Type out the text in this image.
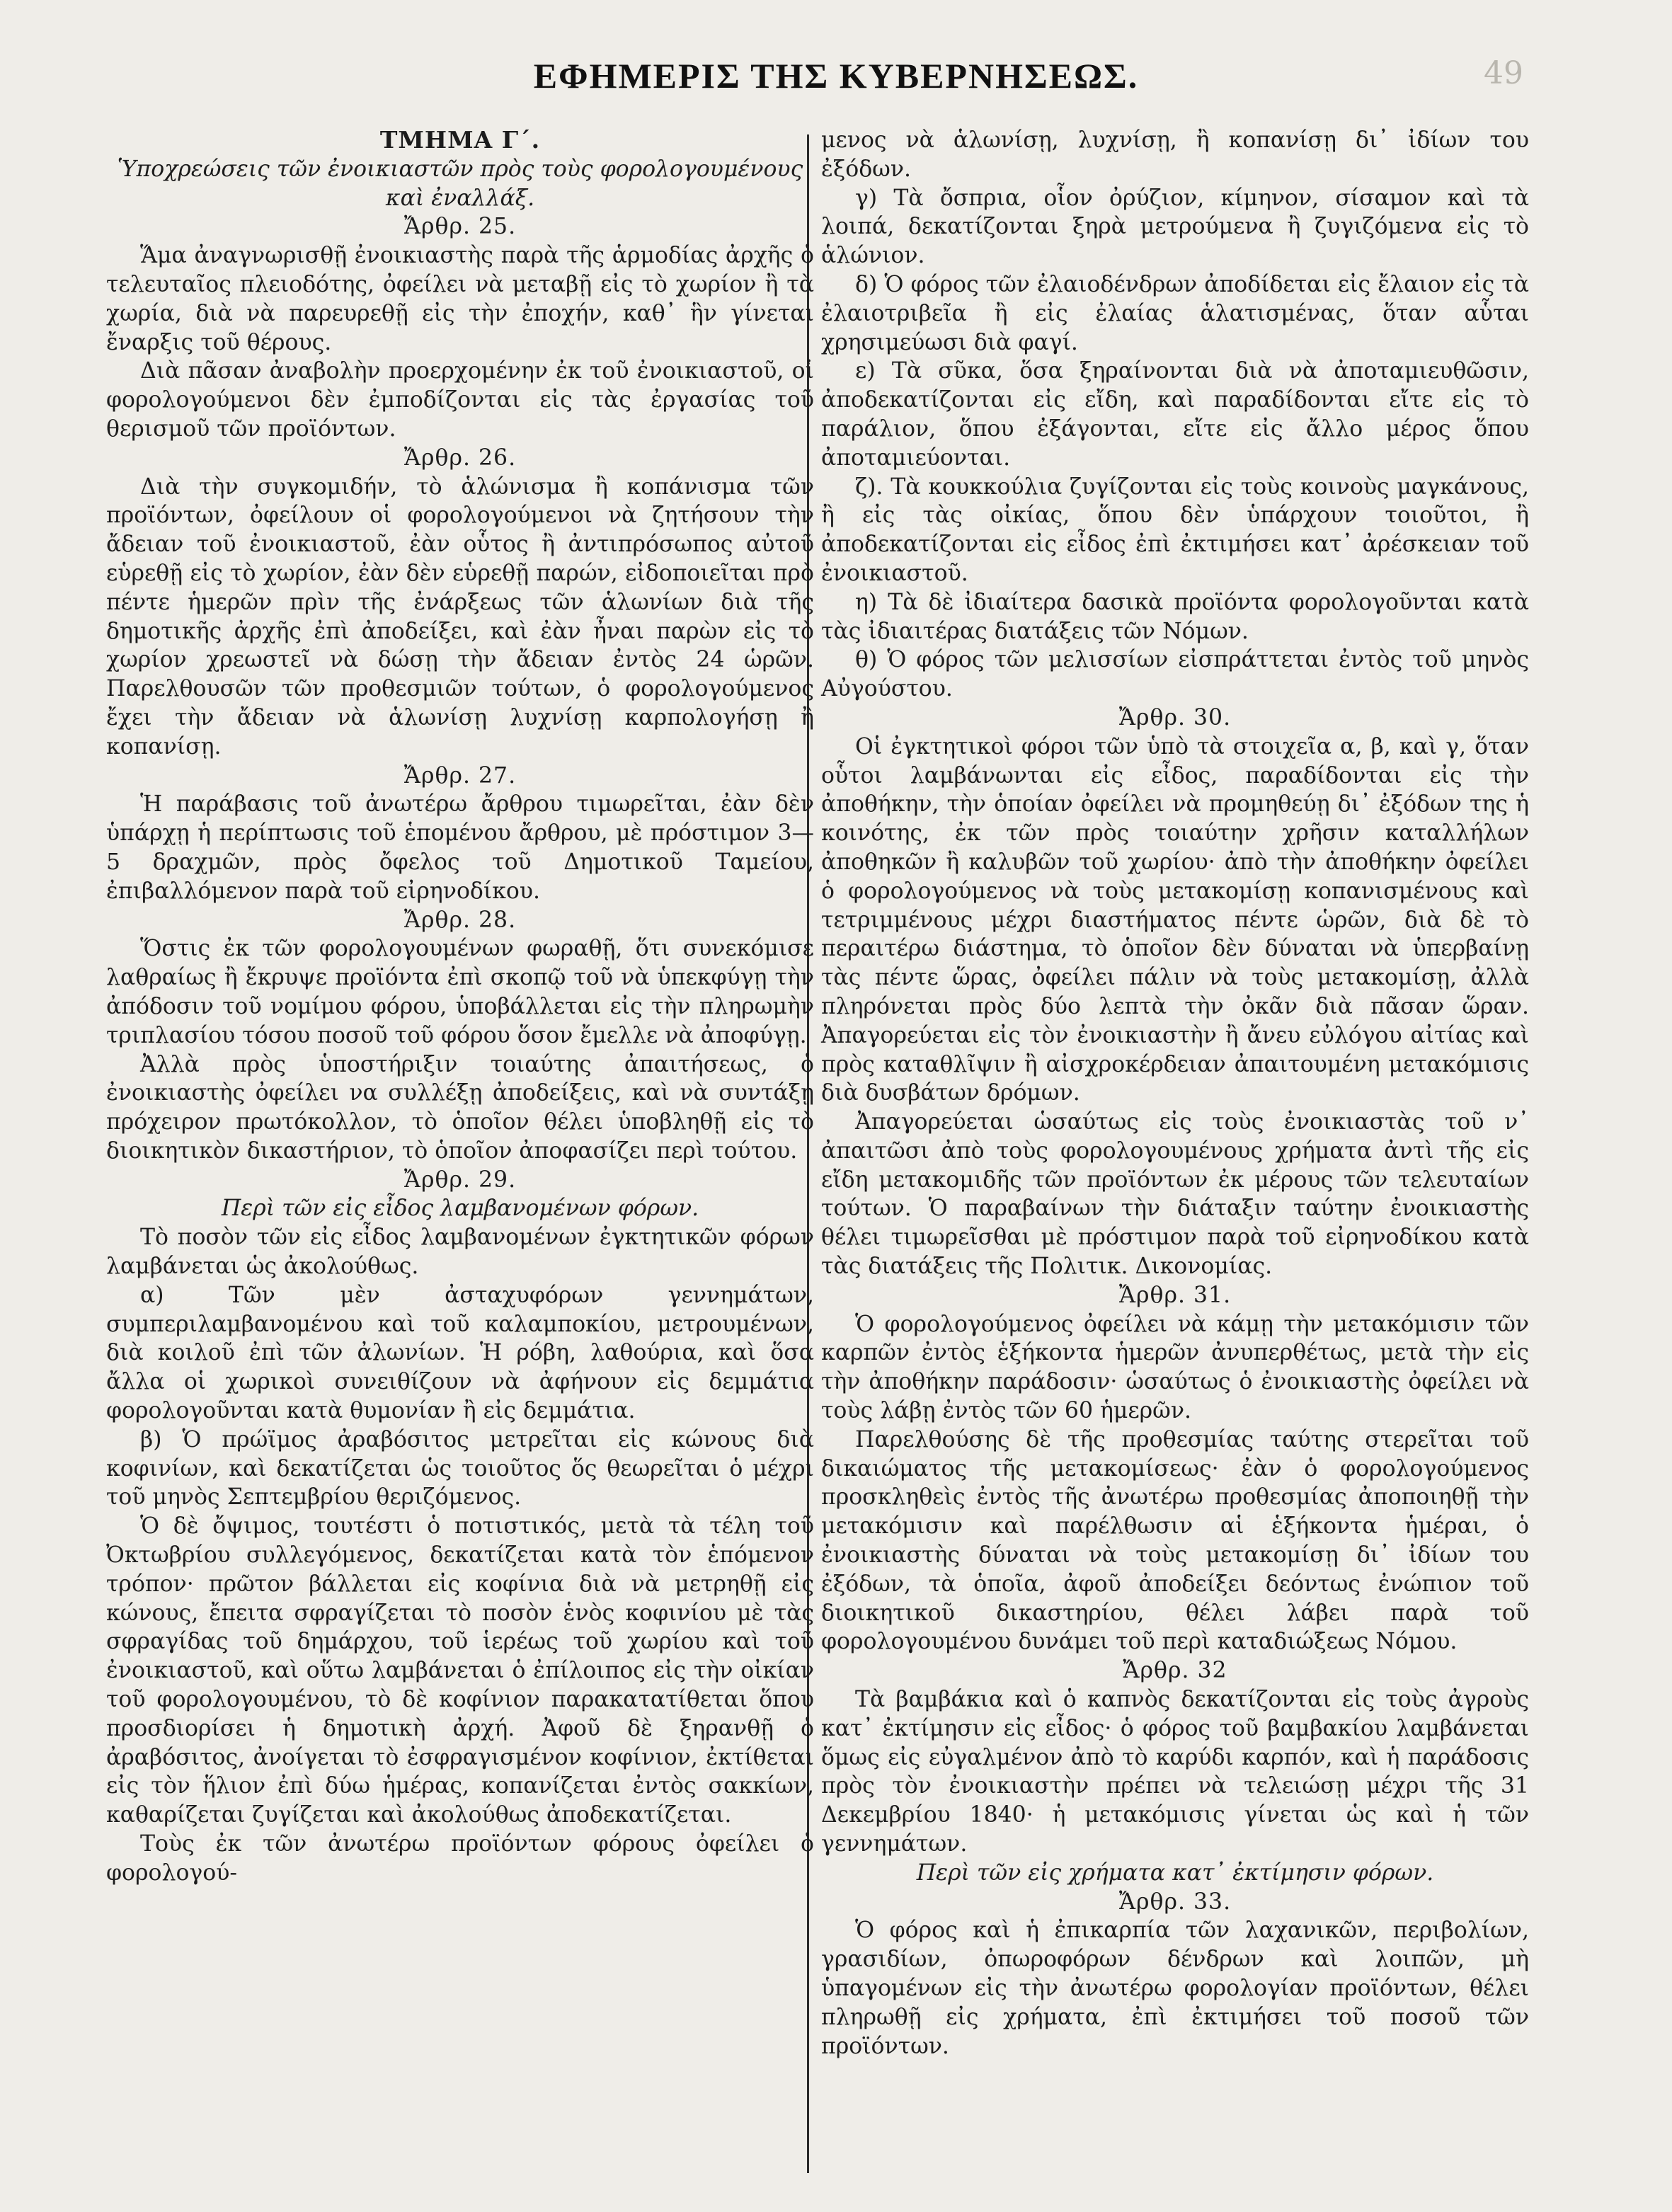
ΕΦΗΜΕΡΙΣ ΤΗΣ ΚΥΒΕΡΝΗΣΕΩΣ.	49
ΤΜΗΜΑ Γ΄.
Ὑποχρεώσεις τῶν ἐνοικιαστῶν πρὸς τοὺς φορολογουμένους καὶ ἐναλλάξ.
Ἄρθρ. 25.

Ἅμα ἀναγνωρισθῇ ἐνοικιαστὴς παρὰ τῆς ἁρμοδίας ἀρχῆς ὁ τελευταῖος πλειοδότης, ὀφείλει νὰ μεταβῇ εἰς τὸ χωρίον ἢ τὰ χωρία, διὰ νὰ παρευρεθῇ εἰς τὴν ἐποχήν, καθ᾽ ἣν γίνεται ἔναρξις τοῦ θέρους.

Διὰ πᾶσαν ἀναβολὴν προερχομένην ἐκ τοῦ ἐνοικιαστοῦ, οἱ φορολογούμενοι δὲν ἐμποδίζονται εἰς τὰς ἐργασίας τοῦ θερισμοῦ τῶν προϊόντων.

Ἄρθρ. 26.

Διὰ τὴν συγκομιδήν, τὸ ἁλώνισμα ἢ κοπάνισμα τῶν προϊόντων, ὀφείλουν οἱ φορολογούμενοι νὰ ζητήσουν τὴν ἄδειαν τοῦ ἐνοικιαστοῦ, ἐὰν οὗτος ἢ ἀντιπρόσωπος αὐτοῦ εὑρεθῇ εἰς τὸ χωρίον, ἐὰν δὲν εὑρεθῇ παρών, εἰδοποιεῖται πρὸ πέντε ἡμερῶν πρὶν τῆς ἐνάρξεως τῶν ἁλωνίων διὰ τῆς δημοτικῆς ἀρχῆς ἐπὶ ἀποδείξει, καὶ ἐὰν ἦναι παρὼν εἰς τὸ χωρίον χρεωστεῖ νὰ δώσῃ τὴν ἄδειαν ἐντὸς 24 ὡρῶν. Παρελθουσῶν τῶν προθεσμιῶν τούτων, ὁ φορολογούμενος ἔχει τὴν ἄδειαν νὰ ἁλωνίσῃ λυχνίσῃ καρπολογήσῃ ἢ κοπανίσῃ.

Ἄρθρ. 27.

Ἡ παράβασις τοῦ ἀνωτέρω ἄρθρου τιμωρεῖται, ἐὰν δὲν ὑπάρχῃ ἡ περίπτωσις τοῦ ἑπομένου ἄρθρου, μὲ πρόστιμον 3—5 δραχμῶν, πρὸς ὄφελος τοῦ Δημοτικοῦ Ταμείου, ἐπιβαλλόμενον παρὰ τοῦ εἰρηνοδίκου.

Ἄρθρ. 28.

Ὅστις ἐκ τῶν φορολογουμένων φωραθῇ, ὅτι συνεκόμισε λαθραίως ἢ ἔκρυψε προϊόντα ἐπὶ σκοπῷ τοῦ νὰ ὑπεκφύγῃ τὴν ἀπόδοσιν τοῦ νομίμου φόρου, ὑποβάλλεται εἰς τὴν πληρωμὴν τριπλασίου τόσου ποσοῦ τοῦ φόρου ὅσον ἔμελλε νὰ ἀποφύγῃ.

Ἀλλὰ πρὸς ὑποστήριξιν τοιαύτης ἀπαιτήσεως, ὁ ἐνοικιαστὴς ὀφείλει να συλλέξῃ ἀποδείξεις, καὶ νὰ συντάξῃ πρόχειρον πρωτόκολλον, τὸ ὁποῖον θέλει ὑποβληθῇ εἰς τὸ διοικητικὸν δικαστήριον, τὸ ὁποῖον ἀποφασίζει περὶ τούτου.

Ἄρθρ. 29.
Περὶ τῶν εἰς εἶδος λαμβανομένων φόρων.

Τὸ ποσὸν τῶν εἰς εἶδος λαμβανομένων ἐγκτητικῶν φόρων λαμβάνεται ὡς ἀκολούθως.

α) Τῶν μὲν ἀσταχυφόρων γεννημάτων, συμπεριλαμβανομένου καὶ τοῦ καλαμποκίου, μετρουμένων, διὰ κοιλοῦ ἐπὶ τῶν ἀλωνίων. Ἡ ρόβη, λαθούρια, καὶ ὅσα ἄλλα οἱ χωρικοὶ συνειθίζουν νὰ ἀφήνουν εἰς δεμμάτια φορολογοῦνται κατὰ θυμονίαν ἢ εἰς δεμμάτια.

β) Ὁ πρώϊμος ἀραβόσιτος μετρεῖται εἰς κώνους διὰ κοφινίων, καὶ δεκατίζεται ὡς τοιοῦτος ὅς θεωρεῖται ὁ μέχρι τοῦ μηνὸς Σεπτεμβρίου θεριζόμενος.

Ὁ δὲ ὄψιμος, τουτέστι ὁ ποτιστικός, μετὰ τὰ τέλη τοῦ Ὀκτωβρίου συλλεγόμενος, δεκατίζεται κατὰ τὸν ἑπόμενον τρόπον· πρῶτον βάλλεται εἰς κοφίνια διὰ νὰ μετρηθῇ εἰς κώνους, ἔπειτα σφραγίζεται τὸ ποσὸν ἑνὸς κοφινίου μὲ τὰς σφραγίδας τοῦ δημάρχου, τοῦ ἱερέως τοῦ χωρίου καὶ τοῦ ἐνοικιαστοῦ, καὶ οὕτω λαμβάνεται ὁ ἐπίλοιπος εἰς τὴν οἰκίαν τοῦ φορολογουμένου, τὸ δὲ κοφίνιον παρακατατίθεται ὅπου προσδιορίσει ἡ δημοτικὴ ἀρχή. Ἀφοῦ δὲ ξηρανθῇ ὁ ἀραβόσιτος, ἀνοίγεται τὸ ἐσφραγισμένον κοφίνιον, ἐκτίθεται εἰς τὸν ἥλιον ἐπὶ δύω ἡμέρας, κοπανίζεται ἐντὸς σακκίων, καθαρίζεται ζυγίζεται καὶ ἀκολούθως ἀποδεκατίζεται.

Τοὺς ἐκ τῶν ἀνωτέρω προϊόντων φόρους ὀφείλει ὁ φορολογού-

μενος νὰ ἁλωνίσῃ, λυχνίσῃ, ἢ κοπανίσῃ δι᾽ ἰδίων του ἐξόδων.

γ) Τὰ ὄσπρια, οἷον ὀρύζιον, κίμηνον, σίσαμον καὶ τὰ λοιπά, δεκατίζονται ξηρὰ μετρούμενα ἢ ζυγιζόμενα εἰς τὸ ἁλώνιον.

δ) Ὁ φόρος τῶν ἐλαιοδένδρων ἀποδίδεται εἰς ἔλαιον εἰς τὰ ἐλαιοτριβεῖα ἢ εἰς ἐλαίας ἁλατισμένας, ὅταν αὗται χρησιμεύωσι διὰ φαγί.

ε) Τὰ σῦκα, ὅσα ξηραίνονται διὰ νὰ ἀποταμιευθῶσιν, ἀποδεκατίζονται εἰς εἴδη, καὶ παραδίδονται εἴτε εἰς τὸ παράλιον, ὅπου ἐξάγονται, εἴτε εἰς ἄλλο μέρος ὅπου ἀποταμιεύονται.

ζ). Τὰ κουκκούλια ζυγίζονται εἰς τοὺς κοινοὺς μαγκάνους, ἢ εἰς τὰς οἰκίας, ὅπου δὲν ὑπάρχουν τοιοῦτοι, ἢ ἀποδεκατίζονται εἰς εἶδος ἐπὶ ἐκτιμήσει κατ᾽ ἀρέσκειαν τοῦ ἐνοικιαστοῦ.

η) Τὰ δὲ ἰδιαίτερα δασικὰ προϊόντα φορολογοῦνται κατὰ τὰς ἰδιαιτέρας διατάξεις τῶν Νόμων.

θ) Ὁ φόρος τῶν μελισσίων εἰσπράττεται ἐντὸς τοῦ μηνὸς Αὐγούστου.

Ἄρθρ. 30.

Οἱ ἐγκτητικοὶ φόροι τῶν ὑπὸ τὰ στοιχεῖα α, β, καὶ γ, ὅταν οὗτοι λαμβάνωνται εἰς εἶδος, παραδίδονται εἰς τὴν ἀποθήκην, τὴν ὁποίαν ὀφείλει νὰ προμηθεύῃ δι᾽ ἐξόδων της ἡ κοινότης, ἐκ τῶν πρὸς τοιαύτην χρῆσιν καταλλήλων ἀποθηκῶν ἢ καλυβῶν τοῦ χωρίου· ἀπὸ τὴν ἀποθήκην ὀφείλει ὁ φορολογούμενος νὰ τοὺς μετακομίσῃ κοπανισμένους καὶ τετριμμένους μέχρι διαστήματος πέντε ὡρῶν, διὰ δὲ τὸ περαιτέρω διάστημα, τὸ ὁποῖον δὲν δύναται νὰ ὑπερβαίνῃ τὰς πέντε ὥρας, ὀφείλει πάλιν νὰ τοὺς μετακομίσῃ, ἀλλὰ πληρόνεται πρὸς δύο λεπτὰ τὴν ὀκᾶν διὰ πᾶσαν ὥραν. Ἀπαγορεύεται εἰς τὸν ἐνοικιαστὴν ἢ ἄνευ εὐλόγου αἰτίας καὶ πρὸς καταθλῖψιν ἢ αἰσχροκέρδειαν ἀπαιτουμένη μετακόμισις διὰ δυσβάτων δρόμων.

Ἀπαγορεύεται ὡσαύτως εἰς τοὺς ἐνοικιαστὰς τοῦ ν᾽ ἀπαιτῶσι ἀπὸ τοὺς φορολογουμένους χρήματα ἀντὶ τῆς εἰς εἴδη μετακομιδῆς τῶν προϊόντων ἐκ μέρους τῶν τελευταίων τούτων. Ὁ παραβαίνων τὴν διάταξιν ταύτην ἐνοικιαστὴς θέλει τιμωρεῖσθαι μὲ πρόστιμον παρὰ τοῦ εἰρηνοδίκου κατὰ τὰς διατάξεις τῆς Πολιτικ. Δικονομίας.

Ἄρθρ. 31.

Ὁ φορολογούμενος ὀφείλει νὰ κάμῃ τὴν μετακόμισιν τῶν καρπῶν ἐντὸς ἑξήκοντα ἡμερῶν ἀνυπερθέτως, μετὰ τὴν εἰς τὴν ἀποθήκην παράδοσιν· ὡσαύτως ὁ ἐνοικιαστὴς ὀφείλει νὰ τοὺς λάβῃ ἐντὸς τῶν 60 ἡμερῶν.

Παρελθούσης δὲ τῆς προθεσμίας ταύτης στερεῖται τοῦ δικαιώματος τῆς μετακομίσεως· ἐὰν ὁ φορολογούμενος προσκληθεὶς ἐντὸς τῆς ἀνωτέρω προθεσμίας ἀποποιηθῇ τὴν μετακόμισιν καὶ παρέλθωσιν αἱ ἑξήκοντα ἡμέραι, ὁ ἐνοικιαστὴς δύναται νὰ τοὺς μετακομίσῃ δι᾽ ἰδίων του ἐξόδων, τὰ ὁποῖα, ἀφοῦ ἀποδείξει δεόντως ἐνώπιον τοῦ διοικητικοῦ δικαστηρίου, θέλει λάβει παρὰ τοῦ φορολογουμένου δυνάμει τοῦ περὶ καταδιώξεως Νόμου.

Ἄρθρ. 32

Τὰ βαμβάκια καὶ ὁ καπνὸς δεκατίζονται εἰς τοὺς ἀγροὺς κατ᾽ ἐκτίμησιν εἰς εἶδος· ὁ φόρος τοῦ βαμβακίου λαμβάνεται ὅμως εἰς εὐγαλμένον ἀπὸ τὸ καρύδι καρπόν, καὶ ἡ παράδοσις πρὸς τὸν ἐνοικιαστὴν πρέπει νὰ τελειώσῃ μέχρι τῆς 31 Δεκεμβρίου 1840· ἡ μετακόμισις γίνεται ὡς καὶ ἡ τῶν γεννημάτων.

Περὶ τῶν εἰς χρήματα κατ᾽ ἐκτίμησιν φόρων.
Ἄρθρ. 33.

Ὁ φόρος καὶ ἡ ἐπικαρπία τῶν λαχανικῶν, περιβολίων, γρασιδίων, ὀπωροφόρων δένδρων καὶ λοιπῶν, μὴ ὑπαγομένων εἰς τὴν ἀνωτέρω φορολογίαν προϊόντων, θέλει πληρωθῇ εἰς χρήματα, ἐπὶ ἐκτιμήσει τοῦ ποσοῦ τῶν προϊόντων.
